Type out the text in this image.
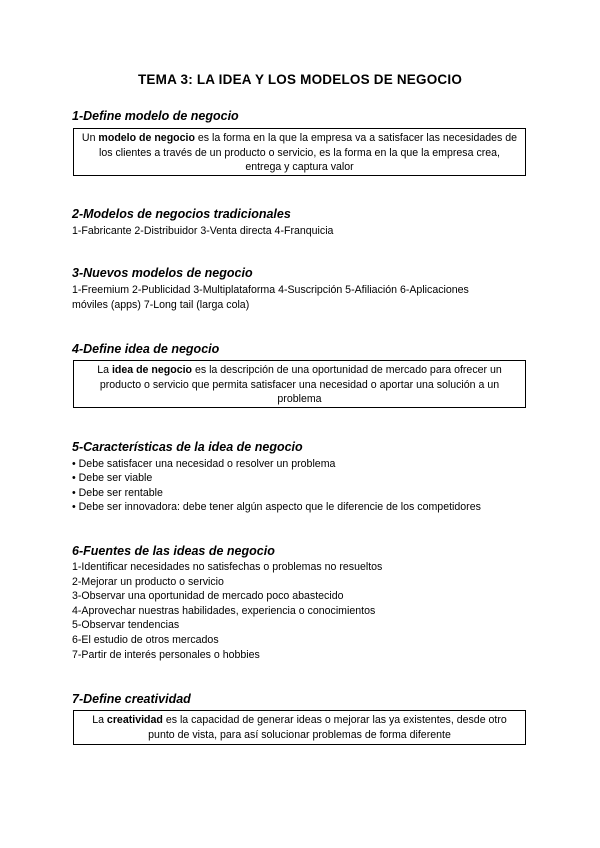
TEMA 3: LA IDEA Y LOS MODELOS DE NEGOCIO
1-Define modelo de negocio
Un modelo de negocio es la forma en la que la empresa va a satisfacer las necesidades de los clientes a través de un producto o servicio, es la forma en la que la empresa crea, entrega y captura valor
2-Modelos de negocios tradicionales
1-Fabricante 2-Distribuidor 3-Venta directa 4-Franquicia
3-Nuevos modelos de negocio
1-Freemium 2-Publicidad 3-Multiplataforma 4-Suscripción 5-Afiliación 6-Aplicaciones
móviles (apps) 7-Long tail (larga cola)
4-Define idea de negocio
La idea de negocio es la descripción de una oportunidad de mercado para ofrecer un producto o servicio que permita satisfacer una necesidad o aportar una solución a un problema
5-Características de la idea de negocio
• Debe satisfacer una necesidad o resolver un problema
• Debe ser viable
• Debe ser rentable
• Debe ser innovadora: debe tener algún aspecto que le diferencie de los competidores
6-Fuentes de las ideas de negocio
1-Identificar necesidades no satisfechas o problemas no resueltos
2-Mejorar un producto o servicio
3-Observar una oportunidad de mercado poco abastecido
4-Aprovechar nuestras habilidades, experiencia o conocimientos
5-Observar tendencias
6-El estudio de otros mercados
7-Partir de interés personales o hobbies
7-Define creatividad
La creatividad es la capacidad de generar ideas o mejorar las ya existentes, desde otro punto de vista, para así solucionar problemas de forma diferente
